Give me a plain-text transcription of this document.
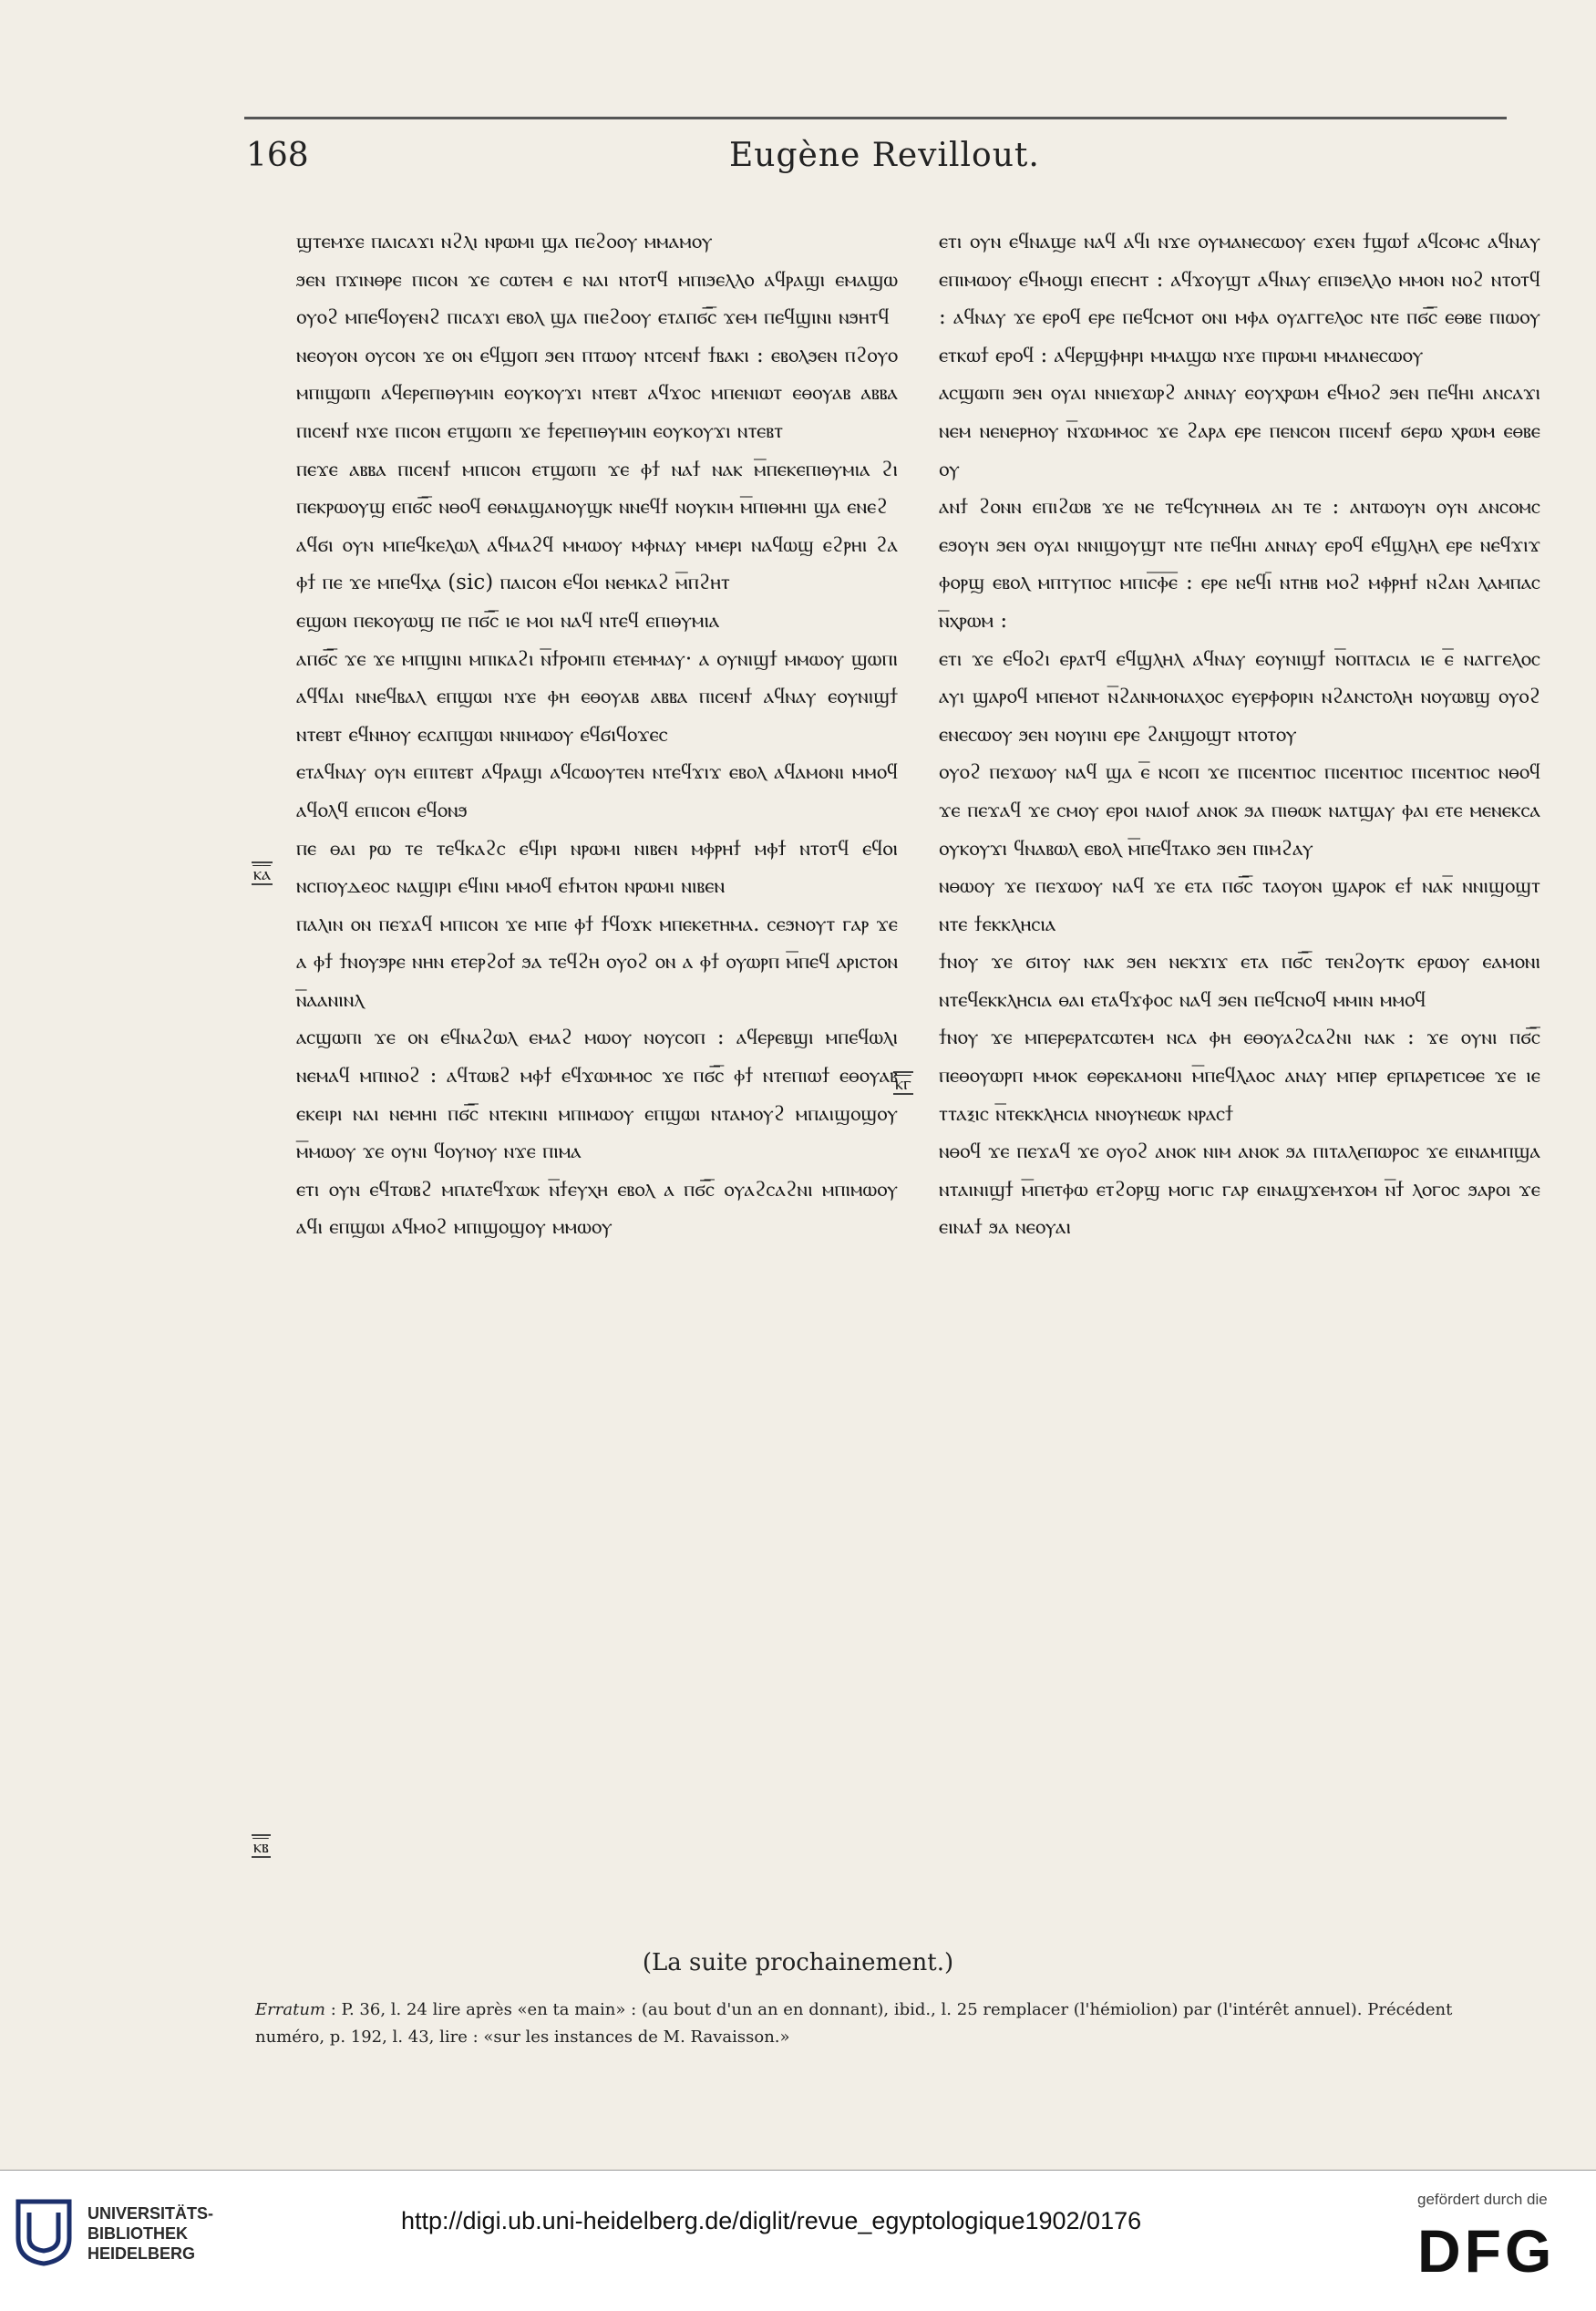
168	Eugène Revillout.
ⲕ̅ⲁ̅
ⲕ̅ⲃ̅
ⲕ̅ⲅ̅

ϣⲧⲉⲙϫⲉ ⲡⲁⲓⲥⲁϫⲓ ⲛϩⲗⲓ ⲛⲣⲱⲙⲓ ϣⲁ ⲡⲉϩⲟⲟⲩ ⲙⲙⲁⲙⲟⲩ

ϧⲉⲛ ⲡϫⲓⲛⲑⲣⲉ ⲡⲓⲥⲟⲛ ϫⲉ ⲥⲱⲧⲉⲙ ⲉ ⲛⲁⲓ ⲛⲧⲟⲧϥ ⲙⲡⲓϧⲉⲗⲗⲟ ⲁϥⲣⲁϣⲓ ⲉⲙⲁϣⲱ ⲟⲩⲟϩ ⲙⲡⲉϥⲟⲩⲉⲛϩ ⲡⲓⲥⲁϫⲓ ⲉⲃⲟⲗ ϣⲁ ⲡⲓⲉϩⲟⲟⲩ ⲉⲧⲁⲡϭ̅ⲥ̅ ϫⲉⲙ ⲡⲉϥϣⲓⲛⲓ ⲛϧⲏⲧϥ

ⲛⲉⲟⲩⲟⲛ ⲟⲩⲥⲟⲛ ϫⲉ ⲟⲛ ⲉϥϣⲟⲡ ϧⲉⲛ ⲡⲧⲱⲟⲩ ⲛⲧⲥⲉⲛϯ ϯⲃⲁⲕⲓ : ⲉⲃⲟⲗϧⲉⲛ ⲡϩⲟⲩⲟ ⲙⲡⲓϣⲱⲡⲓ ⲁϥⲉⲣⲉⲡⲓⲑⲩⲙⲓⲛ ⲉⲟⲩⲕⲟⲩϫⲓ ⲛⲧⲉⲃⲧ ⲁϥϫⲟⲥ ⲙⲡⲉⲛⲓⲱⲧ ⲉⲑⲟⲩⲁⲃ ⲁⲃⲃⲁ ⲡⲓⲥⲉⲛϯ ⲛϫⲉ ⲡⲓⲥⲟⲛ ⲉⲧϣⲱⲡⲓ ϫⲉ ϯⲉⲣⲉⲡⲓⲑⲩⲙⲓⲛ ⲉⲟⲩⲕⲟⲩϫⲓ ⲛⲧⲉⲃⲧ

ⲡⲉϫⲉ ⲁⲃⲃⲁ ⲡⲓⲥⲉⲛϯ ⲙⲡⲓⲥⲟⲛ ⲉⲧϣⲱⲡⲓ ϫⲉ ⲫϯ ⲛⲁϯ ⲛⲁⲕ ⲙ̅ⲡⲉⲕⲉⲡⲓⲑⲩⲙⲓⲁ ϩⲓ ⲡⲉⲕⲣⲱⲟⲩϣ ⲉⲡϭ̅ⲥ̅ ⲛⲑⲟϥ ⲉⲑⲛⲁϣⲁⲛⲟⲩϣⲕ ⲛⲛⲉϥϯ ⲛⲟⲩⲕⲓⲙ ⲙ̅ⲡⲓⲑⲙⲏⲓ ϣⲁ ⲉⲛⲉϩ

ⲁϥϭⲓ ⲟⲩⲛ ⲙⲡⲉϥⲕⲉⲗⲱⲗ ⲁϥⲙⲁϩϥ ⲙⲙⲱⲟⲩ ⲙⲫⲛⲁⲩ ⲙⲙⲉⲣⲓ ⲛⲁϥⲱϣ ⲉϩⲣⲏⲓ ϩⲁ ⲫϯ ⲡⲉ ϫⲉ ⲙⲡⲉϥⲭⲁ (sic) ⲡⲁⲓⲥⲟⲛ ⲉϥⲟⲓ ⲛⲉⲙⲕⲁϩ ⲙ̅ⲡϩⲏⲧ

ⲉϣⲱⲛ ⲡⲉⲕⲟⲩⲱϣ ⲡⲉ ⲡϭ̅ⲥ̅ ⲓⲉ ⲙⲟⲓ ⲛⲁϥ ⲛⲧⲉϥ ⲉⲡⲓⲑⲩⲙⲓⲁ

ⲁⲡϭ̅ⲥ̅ ϫⲉ ϫⲉ ⲙⲡϣⲓⲛⲓ ⲙⲡⲓⲕⲁϩⲓ ⲛ̅ϯⲣⲟⲙⲡⲓ ⲉⲧⲉⲙⲙⲁⲩ· ⲁ ⲟⲩⲛⲓϣϯ ⲙⲙⲱⲟⲩ ϣⲱⲡⲓ ⲁϥϥⲁⲓ ⲛⲛⲉϥⲃⲁⲗ ⲉⲡϣⲱⲓ ⲛϫⲉ ⲫⲏ ⲉⲑⲟⲩⲁⲃ ⲁⲃⲃⲁ ⲡⲓⲥⲉⲛϯ ⲁϥⲛⲁⲩ ⲉⲟⲩⲛⲓϣϯ ⲛⲧⲉⲃⲧ ⲉϥⲛⲏⲟⲩ ⲉⲥⲁⲡϣⲱⲓ ⲛⲛⲓⲙⲱⲟⲩ ⲉϥϭⲓϥⲟϫⲉⲥ

ⲉⲧⲁϥⲛⲁⲩ ⲟⲩⲛ ⲉⲡⲓⲧⲉⲃⲧ ⲁϥⲣⲁϣⲓ ⲁϥⲥⲱⲟⲩⲧⲉⲛ ⲛⲧⲉϥϫⲓϫ ⲉⲃⲟⲗ ⲁϥⲁⲙⲟⲛⲓ ⲙⲙⲟϥ ⲁϥⲟⲗϥ ⲉⲡⲓⲥⲟⲛ ⲉϥⲟⲛϧ

ⲡⲉ ⲑⲁⲓ ⲣⲱ ⲧⲉ ⲧⲉϥⲕⲁϩⲥ ⲉϥⲓⲣⲓ ⲛⲣⲱⲙⲓ ⲛⲓⲃⲉⲛ ⲙⲫⲣⲏϯ ⲙⲫϯ ⲛⲧⲟⲧϥ ⲉϥⲟⲓ ⲛⲥⲡⲟⲩⲇⲉⲟⲥ ⲛⲁϣⲓⲣⲓ ⲉϥⲓⲛⲓ ⲙⲙⲟϥ ⲉϯⲙⲧⲟⲛ ⲛⲣⲱⲙⲓ ⲛⲓⲃⲉⲛ

ⲡⲁⲗⲓⲛ ⲟⲛ ⲡⲉϫⲁϥ ⲙⲡⲓⲥⲟⲛ ϫⲉ ⲙⲡⲉ ⲫϯ ϯϥⲟϫⲕ ⲙⲡⲉⲕⲉⲧⲏⲙⲁ. ⲥⲉϧⲛⲟⲩⲧ ⲅⲁⲣ ϫⲉ ⲁ ⲫϯ ϯⲛⲟⲩϧⲣⲉ ⲛⲏⲛ ⲉⲧⲉⲣϩⲟϯ ϧⲁ ⲧⲉϥϩⲏ ⲟⲩⲟϩ ⲟⲛ ⲁ ⲫϯ ⲟⲩⲱⲣⲡ ⲙ̅ⲡⲉϥ ⲁⲣⲓⲥⲧⲟⲛ ⲛ̅ⲁⲁⲛⲓⲛⲗ

ⲁⲥϣⲱⲡⲓ ϫⲉ ⲟⲛ ⲉϥⲛⲁϩⲱⲗ ⲉⲙⲁϩ ⲙⲱⲟⲩ ⲛⲟⲩⲥⲟⲡ : ⲁϥⲉⲣⲉⲃϣⲓ ⲙⲡⲉϥⲱⲗⲓ ⲛⲉⲙⲁϥ ⲙⲡⲓⲛⲟϩ : ⲁϥⲧⲱⲃϩ ⲙⲫϯ ⲉϥϫⲱⲙⲙⲟⲥ ϫⲉ ⲡϭ̅ⲥ̅ ⲫϯ ⲛⲧⲉⲡⲓⲱϯ ⲉⲑⲟⲩⲁⲃ ⲉⲕⲉⲓⲣⲓ ⲛⲁⲓ ⲛⲉⲙⲏⲓ ⲡϭ̅ⲥ̅ ⲛⲧⲉⲕⲓⲛⲓ ⲙⲡⲓⲙⲱⲟⲩ ⲉⲡϣⲱⲓ ⲛⲧⲁⲙⲟⲩϩ ⲙⲡⲁⲓϣⲟϣⲟⲩ ⲙ̅ⲙⲱⲟⲩ ϫⲉ ⲟⲩⲛⲓ ϥⲟⲩⲛⲟⲩ ⲛϫⲉ ⲡⲓⲙⲁ

ⲉⲧⲓ ⲟⲩⲛ ⲉϥⲧⲱⲃϩ ⲙⲡⲁⲧⲉϥϫⲱⲕ ⲛ̅ϯⲉⲩⲭⲏ ⲉⲃⲟⲗ ⲁ ⲡϭ̅ⲥ̅ ⲟⲩⲁϩⲥⲁϩⲛⲓ ⲙⲡⲓⲙⲱⲟⲩ ⲁϥⲓ ⲉⲡϣⲱⲓ ⲁϥⲙⲟϩ ⲙⲡⲓϣⲟϣⲟⲩ ⲙⲙⲱⲟⲩ

ⲉⲧⲓ ⲟⲩⲛ ⲉϥⲛⲁϣⲉ ⲛⲁϥ ⲁϥⲓ ⲛϫⲉ ⲟⲩⲙⲁⲛⲉⲥⲱⲟⲩ ⲉϫⲉⲛ ϯϣⲱϯ ⲁϥⲥⲟⲙⲥ ⲁϥⲛⲁⲩ ⲉⲡⲓⲙⲱⲟⲩ ⲉϥⲙⲟϣⲓ ⲉⲡⲉⲥⲏⲧ : ⲁϥϫⲟⲩϣⲧ ⲁϥⲛⲁⲩ ⲉⲡⲓϧⲉⲗⲗⲟ ⲙⲙⲟⲛ ⲛⲟϩ ⲛⲧⲟⲧϥ : ⲁϥⲛⲁⲩ ϫⲉ ⲉⲣⲟϥ ⲉⲣⲉ ⲡⲉϥⲥⲙⲟⲧ ⲟⲛⲓ ⲙⲫⲁ ⲟⲩⲁⲅⲅⲉⲗⲟⲥ ⲛⲧⲉ ⲡϭ̅ⲥ̅ ⲉⲑⲃⲉ ⲡⲓⲱⲟⲩ ⲉⲧⲕⲱϯ ⲉⲣⲟϥ : ⲁϥⲉⲣϣⲫⲏⲣⲓ ⲙⲙⲁϣⲱ ⲛϫⲉ ⲡⲓⲣⲱⲙⲓ ⲙⲙⲁⲛⲉⲥⲱⲟⲩ

ⲁⲥϣⲱⲡⲓ ϧⲉⲛ ⲟⲩⲁⲓ ⲛⲛⲓⲉϫⲱⲣϩ ⲁⲛⲛⲁⲩ ⲉⲟⲩⲭⲣⲱⲙ ⲉϥⲙⲟϩ ϧⲉⲛ ⲡⲉϥⲏⲓ ⲁⲛⲥⲁϫⲓ ⲛⲉⲙ ⲛⲉⲛⲉⲣⲏⲟⲩ ⲛ̅ϫⲱⲙⲙⲟⲥ ϫⲉ ϩⲁⲣⲁ ⲉⲣⲉ ⲡⲉⲛⲥⲟⲛ ⲡⲓⲥⲉⲛϯ ϭⲉⲣⲱ ⲭⲣⲱⲙ ⲉⲑⲃⲉ ⲟⲩ

ⲁⲛϯ ϩⲟⲛⲛ ⲉⲡⲓϩⲱⲃ ϫⲉ ⲛⲉ ⲧⲉϥⲥⲩⲛⲏⲑⲓⲁ ⲁⲛ ⲧⲉ : ⲁⲛⲧⲱⲟⲩⲛ ⲟⲩⲛ ⲁⲛⲥⲟⲙⲥ ⲉϧⲟⲩⲛ ϧⲉⲛ ⲟⲩⲁⲓ ⲛⲛⲓϣⲟⲩϣⲧ ⲛⲧⲉ ⲡⲉϥⲏⲓ ⲁⲛⲛⲁⲩ ⲉⲣⲟϥ ⲉϥϣⲗⲏⲗ ⲉⲣⲉ ⲛⲉϥϫⲓϫ ⲫⲟⲣϣ ⲉⲃⲟⲗ ⲙⲡⲧⲩⲡⲟⲥ ⲙⲡⲓⲥ̅ⲫ̅ⲉ̅ : ⲉⲣⲉ ⲛⲉϥⲓ̅ ⲛⲧⲏⲃ ⲙⲟϩ ⲙⲫⲣⲏϯ ⲛϩⲁⲛ ⲗⲁⲙⲡⲁⲥ ⲛ̅ⲭⲣⲱⲙ :

ⲉⲧⲓ ϫⲉ ⲉϥⲟϩⲓ ⲉⲣⲁⲧϥ ⲉϥϣⲗⲏⲗ ⲁϥⲛⲁⲩ ⲉⲟⲩⲛⲓϣϯ ⲛ̅ⲟⲡⲧⲁⲥⲓⲁ ⲓⲉ ⲉ̅ ⲛⲁⲅⲅⲉⲗⲟⲥ ⲁⲩⲓ ϣⲁⲣⲟϥ ⲙⲡⲉⲙⲟⲧ ⲛ̅ϩⲁⲛⲙⲟⲛⲁⲭⲟⲥ ⲉⲩⲉⲣⲫⲟⲣⲓⲛ ⲛϩⲁⲛⲥⲧⲟⲗⲏ ⲛⲟⲩⲱⲃϣ ⲟⲩⲟϩ ⲉⲛⲉⲥⲱⲟⲩ ϧⲉⲛ ⲛⲟⲩⲓⲛⲓ ⲉⲣⲉ ϩⲁⲛϣⲟϣⲧ ⲛⲧⲟⲧⲟⲩ

ⲟⲩⲟϩ ⲡⲉϫⲱⲟⲩ ⲛⲁϥ ϣⲁ ⲉ̅ ⲛⲥⲟⲡ ϫⲉ ⲡⲓⲥⲉⲛⲧⲓⲟⲥ ⲡⲓⲥⲉⲛⲧⲓⲟⲥ ⲡⲓⲥⲉⲛⲧⲓⲟⲥ ⲛⲑⲟϥ ϫⲉ ⲡⲉϫⲁϥ ϫⲉ ⲥⲙⲟⲩ ⲉⲣⲟⲓ ⲛⲁⲓⲟϯ ⲁⲛⲟⲕ ϧⲁ ⲡⲓⲑⲱⲕ ⲛⲁⲧϣⲁⲩ ⲫⲁⲓ ⲉⲧⲉ ⲙⲉⲛⲉⲕⲥⲁ ⲟⲩⲕⲟⲩϫⲓ ϥⲛⲁⲃⲱⲗ ⲉⲃⲟⲗ ⲙ̅ⲡⲉϥⲧⲁⲕⲟ ϧⲉⲛ ⲡⲓⲙϩⲁⲩ

ⲛⲑⲱⲟⲩ ϫⲉ ⲡⲉϫⲱⲟⲩ ⲛⲁϥ ϫⲉ ⲉⲧⲁ ⲡϭ̅ⲥ̅ ⲧⲁⲟⲩⲟⲛ ϣⲁⲣⲟⲕ ⲉϯ ⲛⲁⲕ̅ ⲛⲛⲓϣⲟϣⲧ ⲛⲧⲉ ϯⲉⲕⲕⲗⲏⲥⲓⲁ

ϯⲛⲟⲩ ϫⲉ ϭⲓⲧⲟⲩ ⲛⲁⲕ ϧⲉⲛ ⲛⲉⲕϫⲓϫ ⲉⲧⲁ ⲡϭ̅ⲥ̅ ⲧⲉⲛϩⲟⲩⲧⲕ ⲉⲣⲱⲟⲩ ⲉⲁⲙⲟⲛⲓ ⲛⲧⲉϥⲉⲕⲕⲗⲏⲥⲓⲁ ⲑⲁⲓ ⲉⲧⲁϥϫⲫⲟⲥ ⲛⲁϥ ϧⲉⲛ ⲡⲉϥⲥⲛⲟϥ ⲙⲙⲓⲛ ⲙⲙⲟϥ

ϯⲛⲟⲩ ϫⲉ ⲙⲡⲉⲣⲉⲣⲁⲧⲥⲱⲧⲉⲙ ⲛⲥⲁ ⲫⲏ ⲉⲑⲟⲩⲁϩⲥⲁϩⲛⲓ ⲛⲁⲕ : ϫⲉ ⲟⲩⲛⲓ ⲡϭ̅ⲥ̅ ⲡⲉⲑⲟⲩⲱⲣⲡ ⲙⲙⲟⲕ ⲉⲑⲣⲉⲕⲁⲙⲟⲛⲓ ⲙ̅ⲡⲉϥⲗⲁⲟⲥ ⲁⲛⲁⲩ ⲙⲡⲉⲣ ⲉⲣⲡⲁⲣⲉⲧⲓⲥⲑⲉ ϫⲉ ⲓⲉ ⲧⲧⲁⲝⲓⲥ ⲛ̅ⲧⲉⲕⲕⲗⲏⲥⲓⲁ ⲛⲛⲟⲩⲛⲉⲱⲕ ⲛⲣⲁⲥϯ

ⲛⲑⲟϥ ϫⲉ ⲡⲉϫⲁϥ ϫⲉ ⲟⲩⲟϩ ⲁⲛⲟⲕ ⲛⲓⲙ ⲁⲛⲟⲕ ϧⲁ ⲡⲓⲧⲁⲗⲉⲡⲱⲣⲟⲥ ϫⲉ ⲉⲓⲛⲁⲙⲡϣⲁ ⲛⲧⲁⲓⲛⲓϣϯ ⲙ̅ⲡⲉⲧⲫⲱ ⲉⲧϩⲟⲣϣ ⲙⲟⲅⲓⲥ ⲅⲁⲣ ⲉⲓⲛⲁϣϫⲉⲙϫⲟⲙ ⲛ̅ϯ ⲗⲟⲅⲟⲥ ϧⲁⲣⲟⲓ ϫⲉ ⲉⲓⲛⲁϯ ϧⲁ ⲛⲉⲟⲩⲁⲓ

(La suite prochainement.)
Erratum : P. 36, l. 24 lire après «en ta main» : (au bout d'un an en donnant), ibid., l. 25 remplacer (l'hémiolion) par (l'intérêt annuel). Précédent numéro, p. 192, l. 43, lire : «sur les instances de M. Ravaisson.»
UNIVERSITÄTS-
BIBLIOTHEK
HEIDELBERG
http://digi.ub.uni-heidelberg.de/diglit/revue_egyptologique1902/0176
gefördert durch die
DFG
